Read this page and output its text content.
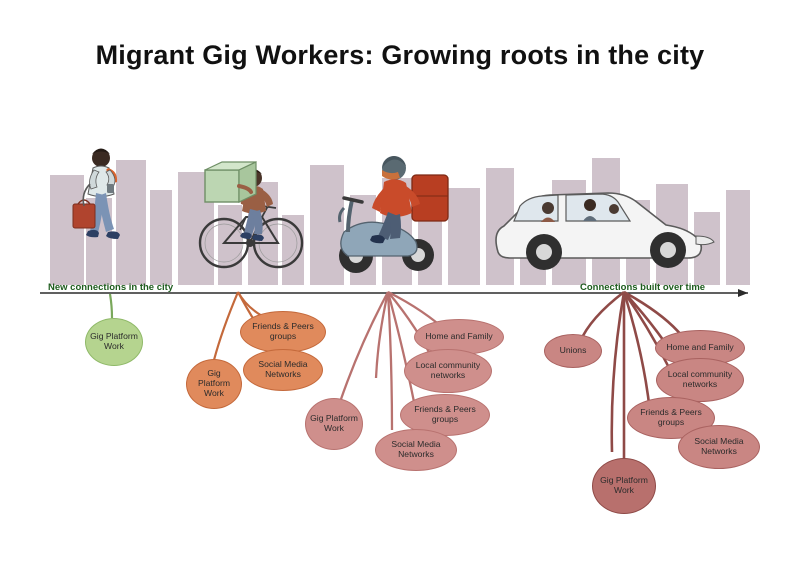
Migrant Gig Workers: Growing roots in the city
New connections in the city	Connections built over time
Gig Platform Work
Gig Platform Work
Friends & Peers groups
Social Media Networks
Gig Platform Work
Home and Family
Local community networks
Friends & Peers groups
Social Media Networks
Unions	Home and Family
Local community networks
Friends & Peers groups
Social Media Networks
Gig Platform Work
